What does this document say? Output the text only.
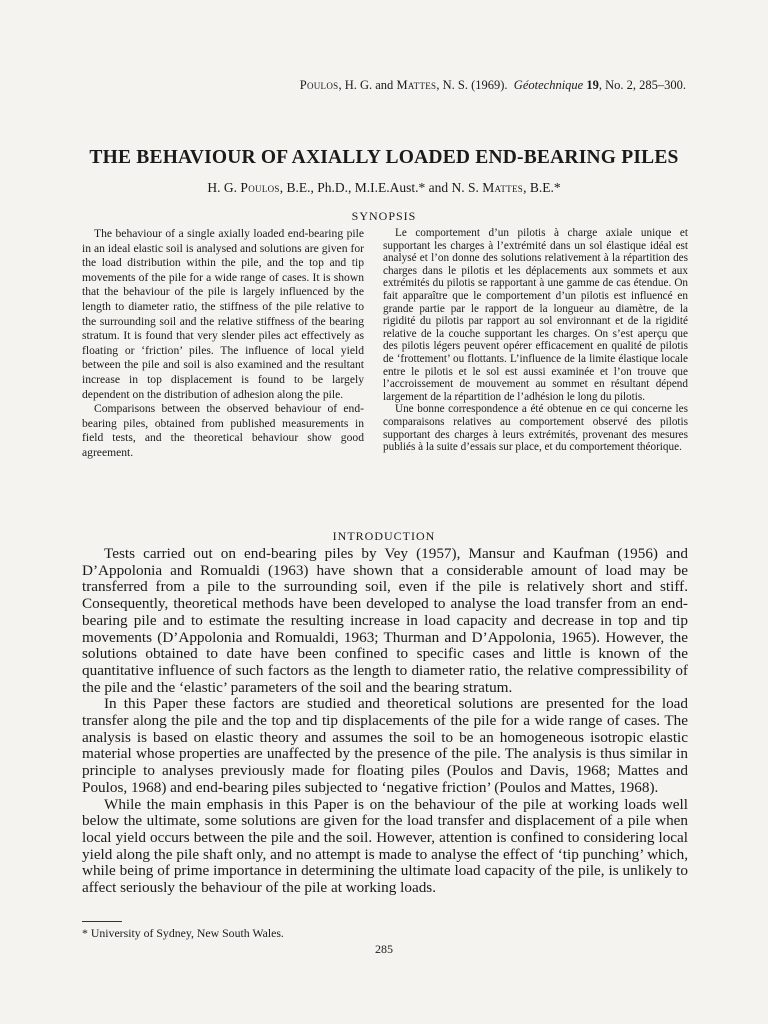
Poulos, H. G. and Mattes, N. S. (1969). Géotechnique 19, No. 2, 285–300.
THE BEHAVIOUR OF AXIALLY LOADED END-BEARING PILES
H. G. Poulos, B.E., Ph.D., M.I.E.Aust.* and N. S. Mattes, B.E.*
SYNOPSIS

The behaviour of a single axially loaded end-bearing pile in an ideal elastic soil is analysed and solutions are given for the load distribution within the pile, and the top and tip movements of the pile for a wide range of cases. It is shown that the behaviour of the pile is largely influenced by the length to diameter ratio, the stiffness of the pile relative to the surrounding soil and the relative stiffness of the bearing stratum. It is found that very slender piles act effectively as floating or ‘friction’ piles. The influence of local yield between the pile and soil is also examined and the resultant increase in top displacement is found to be largely dependent on the distribution of adhesion along the pile.

Comparisons between the observed behaviour of end-bearing piles, obtained from published measurements in field tests, and the theoretical behaviour show good agreement.

Le comportement d’un pilotis à charge axiale unique et supportant les charges à l’extrémité dans un sol élastique idéal est analysé et l’on donne des solutions relativement à la répartition des charges dans le pilotis et les déplacements aux sommets et aux extrémités du pilotis se rapportant à une gamme de cas étendue. On fait apparaître que le comportement d’un pilotis est influencé en grande partie par le rapport de la longueur au diamètre, de la rigidité du pilotis par rapport au sol environnant et de la rigidité relative de la couche supportant les charges. On s’est aperçu que des pilotis légers peuvent opérer efficacement en qualité de pilotis de ‘frottement’ ou flottants. L’influence de la limite élastique locale entre le pilotis et le sol est aussi examinée et l’on trouve que l’accroissement de mouvement au sommet en résultant dépend largement de la répartition de l’adhésion le long du pilotis.

Une bonne correspondence a été obtenue en ce qui concerne les comparaisons relatives au comportement observé des pilotis supportant des charges à leurs extrémités, provenant des mesures publiés à la suite d’essais sur place, et du comportement théorique.

INTRODUCTION

Tests carried out on end-bearing piles by Vey (1957), Mansur and Kaufman (1956) and D’Appolonia and Romualdi (1963) have shown that a considerable amount of load may be transferred from a pile to the surrounding soil, even if the pile is relatively short and stiff. Consequently, theoretical methods have been developed to analyse the load transfer from an end-bearing pile and to estimate the resulting increase in load capacity and decrease in top and tip movements (D’Appolonia and Romualdi, 1963; Thurman and D’Appolonia, 1965). However, the solutions obtained to date have been confined to specific cases and little is known of the quantitative influence of such factors as the length to diameter ratio, the relative compressibility of the pile and the ‘elastic’ parameters of the soil and the bearing stratum.

In this Paper these factors are studied and theoretical solutions are presented for the load transfer along the pile and the top and tip displacements of the pile for a wide range of cases. The analysis is based on elastic theory and assumes the soil to be an homogeneous isotropic elastic material whose properties are unaffected by the presence of the pile. The analysis is thus similar in principle to analyses previously made for floating piles (Poulos and Davis, 1968; Mattes and Poulos, 1968) and end-bearing piles subjected to ‘negative friction’ (Poulos and Mattes, 1968).

While the main emphasis in this Paper is on the behaviour of the pile at working loads well below the ultimate, some solutions are given for the load transfer and displacement of a pile when local yield occurs between the pile and the soil. However, attention is confined to considering local yield along the pile shaft only, and no attempt is made to analyse the effect of ‘tip punching’ which, while being of prime importance in determining the ultimate load capacity of the pile, is unlikely to affect seriously the behaviour of the pile at working loads.

* University of Sydney, New South Wales.
285
